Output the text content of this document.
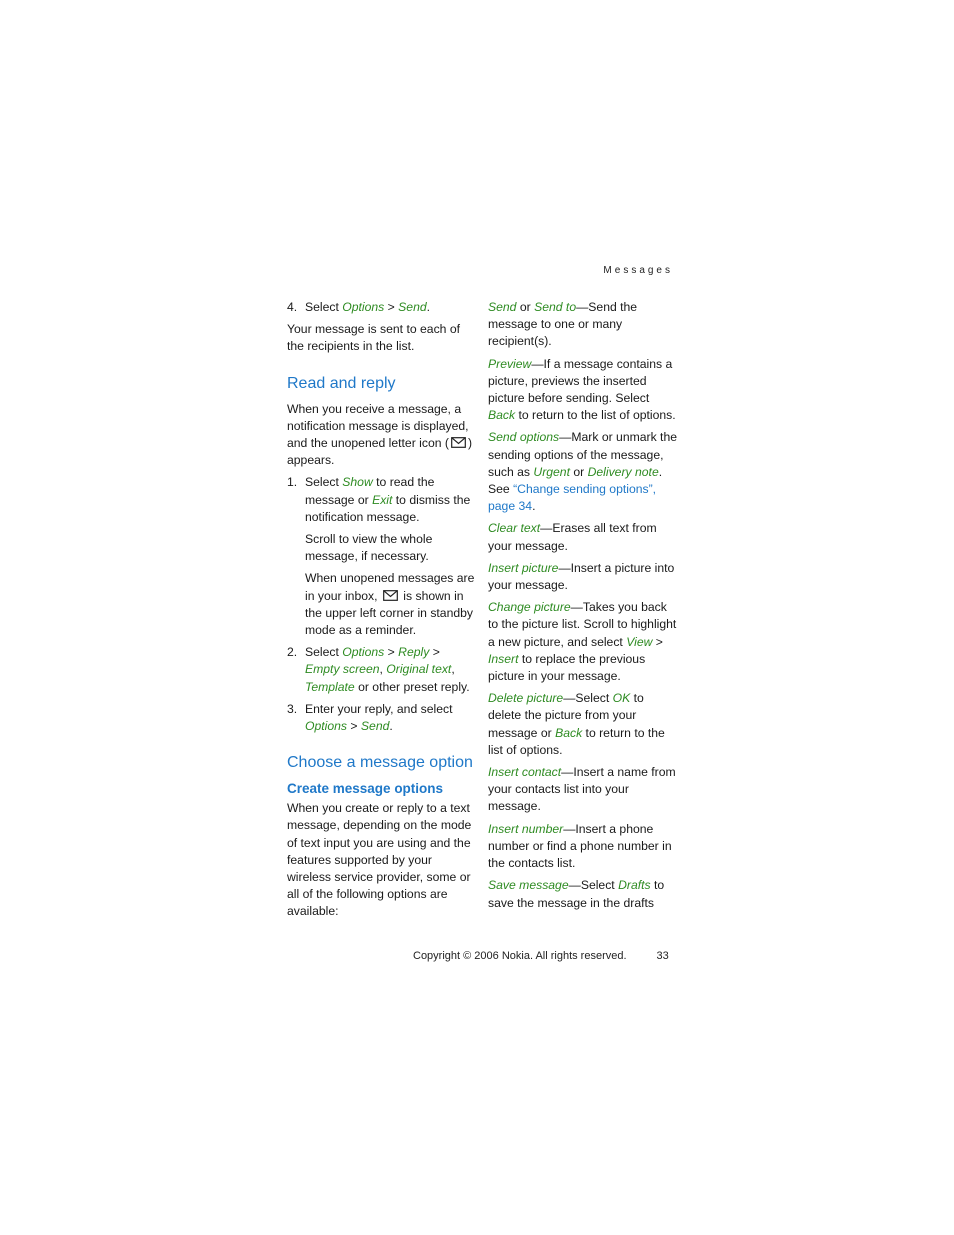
Messages
4. Select Options > Send.

Your message is sent to each of the recipients in the list.

Read and reply

When you receive a message, a notification message is displayed, and the unopened letter icon ( ) appears.

1. Select Show to read the message or Exit to dismiss the notification message.

Scroll to view the whole message, if necessary.

When unopened messages are in your inbox, is shown in the upper left corner in standby mode as a reminder.

2. Select Options > Reply > Empty screen, Original text, Template or other preset reply.
3. Enter your reply, and select Options > Send.
Choose a message option
Create message options

When you create or reply to a text message, depending on the mode of text input you are using and the features supported by your wireless service provider, some or all of the following options are available:

Send or Send to—Send the message to one or many recipient(s).

Preview—If a message contains a picture, previews the inserted picture before sending. Select Back to return to the list of options.

Send options—Mark or unmark the sending options of the message, such as Urgent or Delivery note. See “Change sending options”, page 34.

Clear text—Erases all text from your message.

Insert picture—Insert a picture into your message.

Change picture—Takes you back to the picture list. Scroll to highlight a new picture, and select View > Insert to replace the previous picture in your message.

Delete picture—Select OK to delete the picture from your message or Back to return to the list of options.

Insert contact—Insert a name from your contacts list into your message.

Insert number—Insert a phone number or find a phone number in the contacts list.

Save message—Select Drafts to save the message in the drafts

Copyright © 2006 Nokia. All rights reserved.	33
